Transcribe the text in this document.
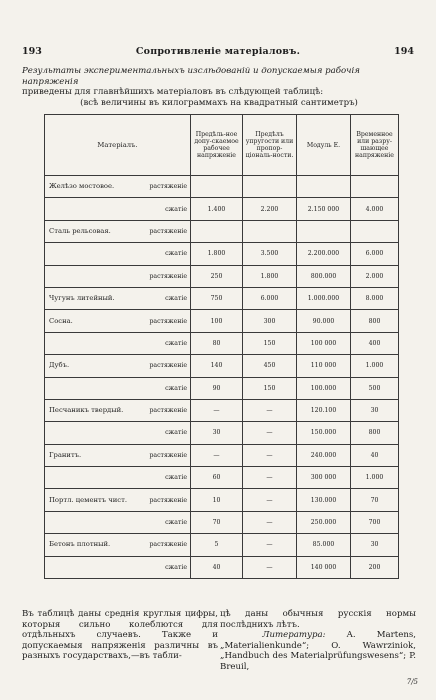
193	Сопротивленіе матеріаловъ.	194
Результаты экспериментальныхъ изслѣдованій и допускаемыя рабочія напряженія
приведены для главнѣйшихъ матеріаловъ въ слѣдующей таблицѣ:
(всѣ величины въ килограммахъ на квадратный сантиметръ)
Матеріалъ.		Предѣль-ное допу-скаемое рабочее напряженіе	Предѣлъ упругости или пропор-ціональ-ности.	Модуль Е.	Временное или разру-шающее напряженіе
Желѣзо мостовое.	растяженіе				
	сжатіе	1.400	2.200	2.150 000	4.000
Сталь рельсовая.	растяженіе				
	сжатіе	1.800	3.500	2.200.000	6.000
	растяженіе	250	1.800	800.000	2.000
Чугунъ литейный.	сжатіе	750	6.000	1.000.000	8.000
Сосна.	растяженіе	100	300	90.000	800
	сжатіе	80	150	100 000	400
Дубъ.	растяженіе	140	450	110 000	1.000
	сжатіе	90	150	100.000	500
Песчаникъ твердый.	растяженіе	—	—	120.100	30
	сжатіе	30	—	150.000	800
Гранитъ.	растяженіе	—	—	240.000	40
	сжатіе	60	—	300 000	1.000
Портл. цементъ чист.	растяженіе	10	—	130.000	70
	сжатіе	70	—	250.000	700
Бетонъ плотный.	растяженіе	5	—	85.000	30
	сжатіе	40	—	140 000	200
Въ таблицѣ даны среднія круглыя цифры, которыя сильно колеблются для отдѣльныхъ случаевъ. Также и допускаемыя напряженія различны въ разныхъ государствахъ,—въ табли-
цѣ даны обычныя русскія нормы послѣднихъ лѣтъ.
Литература: A. Martens, „Materialienkunde“; O. Wawrziniok, „Handbuch des Materialprüfungswesens“; P. Breuil,
7/5
